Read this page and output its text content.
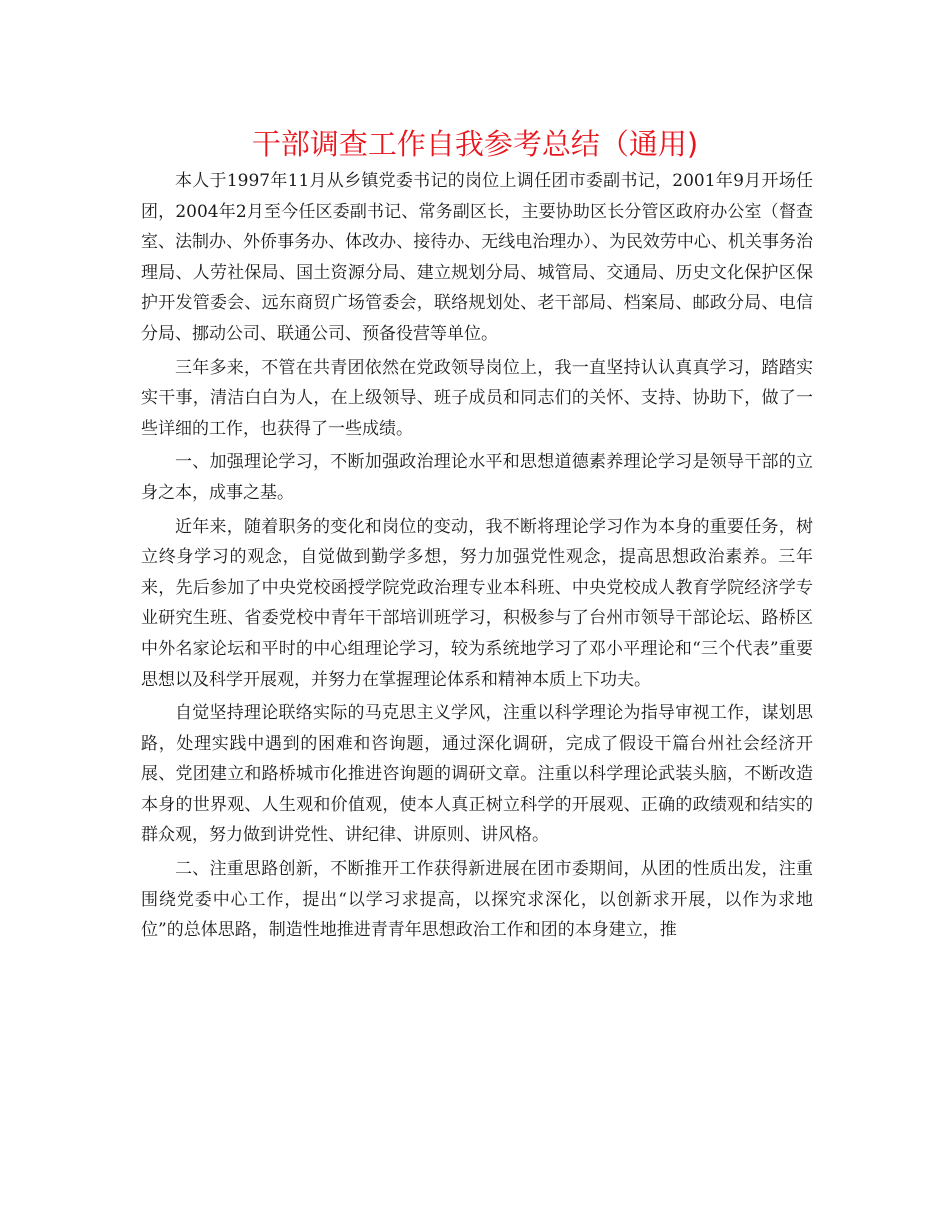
干部调查工作自我参考总结（通用)

本人于1997年11月从乡镇党委书记的岗位上调任团市委副书记，2001年9月开场任团，2004年2月至今任区委副书记、常务副区长，主要协助区长分管区政府办公室（督查室、法制办、外侨事务办、体改办、接待办、无线电治理办）、为民效劳中心、机关事务治理局、人劳社保局、国土资源分局、建立规划分局、城管局、交通局、历史文化保护区保护开发管委会、远东商贸广场管委会，联络规划处、老干部局、档案局、邮政分局、电信分局、挪动公司、联通公司、预备役营等单位。

三年多来，不管在共青团依然在党政领导岗位上，我一直坚持认认真真学习，踏踏实实干事，清洁白白为人，在上级领导、班子成员和同志们的关怀、支持、协助下，做了一些详细的工作，也获得了一些成绩。

一、加强理论学习，不断加强政治理论水平和思想道德素养理论学习是领导干部的立身之本，成事之基。

近年来，随着职务的变化和岗位的变动，我不断将理论学习作为本身的重要任务，树立终身学习的观念，自觉做到勤学多想，努力加强党性观念，提高思想政治素养。三年来，先后参加了中央党校函授学院党政治理专业本科班、中央党校成人教育学院经济学专业研究生班、省委党校中青年干部培训班学习，积极参与了台州市领导干部论坛、路桥区中外名家论坛和平时的中心组理论学习，较为系统地学习了邓小平理论和“三个代表”重要思想以及科学开展观，并努力在掌握理论体系和精神本质上下功夫。

自觉坚持理论联络实际的马克思主义学风，注重以科学理论为指导审视工作，谋划思路，处理实践中遇到的困难和咨询题，通过深化调研，完成了假设干篇台州社会经济开展、党团建立和路桥城市化推进咨询题的调研文章。注重以科学理论武装头脑，不断改造本身的世界观、人生观和价值观，使本人真正树立科学的开展观、正确的政绩观和结实的群众观，努力做到讲党性、讲纪律、讲原则、讲风格。

二、注重思路创新，不断推开工作获得新进展在团市委期间，从团的性质出发，注重围绕党委中心工作，提出“以学习求提高，以探究求深化，以创新求开展，以作为求地位”的总体思路，制造性地推进青青年思想政治工作和团的本身建立，推
